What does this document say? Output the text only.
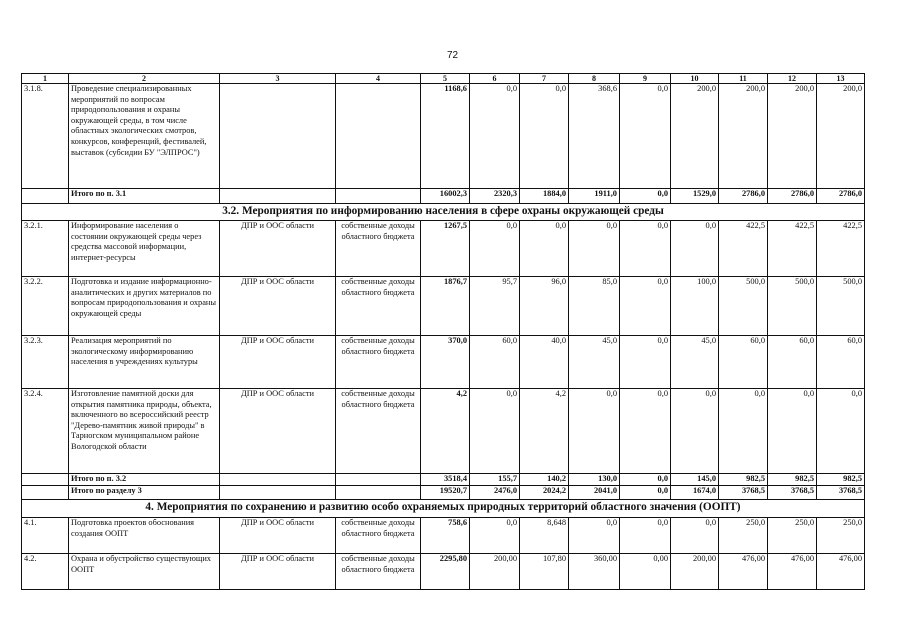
72
1	2	3	4	5	6	7	8	9	10	11	12	13
3.1.8.	Проведение специализированных мероприятий по вопросам природопользования и охраны окружающей среды, в том числе областных экологических смотров, конкурсов, конференций, фестивалей, выставок (субсидии БУ "ЭЛПРОС")			1168,6	0,0	0,0	368,6	0,0	200,0	200,0	200,0	200,0
	Итого по п. 3.1			16002,3	2320,3	1884,0	1911,0	0,0	1529,0	2786,0	2786,0	2786,0
3.2. Мероприятия по информированию населения в сфере охраны окружающей среды												
3.2.1.	Информирование населения о состоянии окружающей среды через средства массовой информации, интернет-ресурсы	ДПР и ООС области	собственные доходы областного бюджета	1267,5	0,0	0,0	0,0	0,0	0,0	422,5	422,5	422,5
3.2.2.	Подготовка и издание информационно-аналитических и других материалов по вопросам природопользования и охраны окружающей среды	ДПР и ООС области	собственные доходы областного бюджета	1876,7	95,7	96,0	85,0	0,0	100,0	500,0	500,0	500,0
3.2.3.	Реализация мероприятий по экологическому информированию населения в учреждениях культуры	ДПР и ООС области	собственные доходы областного бюджета	370,0	60,0	40,0	45,0	0,0	45,0	60,0	60,0	60,0
3.2.4.	Изготовление памятной доски для открытия памятника природы, объекта, включенного во всероссийский реестр "Дерево-памятник живой природы" в Тарногском муниципальном районе Вологодской области	ДПР и ООС области	собственные доходы областного бюджета	4,2	0,0	4,2	0,0	0,0	0,0	0,0	0,0	0,0
	Итого по п. 3.2			3518,4	155,7	140,2	130,0	0,0	145,0	982,5	982,5	982,5
	Итого по разделу 3			19520,7	2476,0	2024,2	2041,0	0,0	1674,0	3768,5	3768,5	3768,5
4. Мероприятия по сохранению и развитию особо охраняемых природных территорий областного значения (ООПТ)												
4.1.	Подготовка проектов обоснования создания ООПТ	ДПР и ООС области	собственные доходы областного бюджета	758,6	0,0	8,648	0,0	0,0	0,0	250,0	250,0	250,0
4.2.	Охрана и обустройство существующих ООПТ	ДПР и ООС области	собственные доходы областного бюджета	2295,80	200,00	107,80	360,00	0,00	200,00	476,00	476,00	476,00
